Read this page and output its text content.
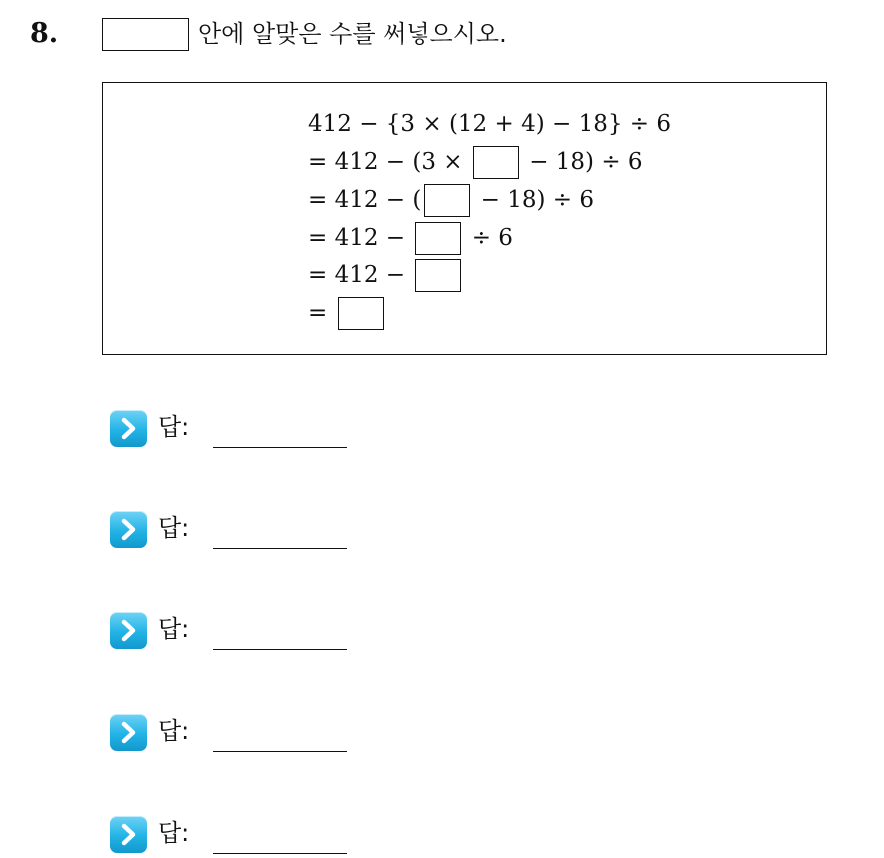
8.	안에 알맞은 수를 써넣으시오.
412 − {3 × (12 + 4) − 18} ÷ 6
= 412 − (3 × − 18) ÷ 6
= 412 − ( − 18) ÷ 6
= 412 − ÷ 6
= 412 −
=
답:
답:
답:
답:
답:
